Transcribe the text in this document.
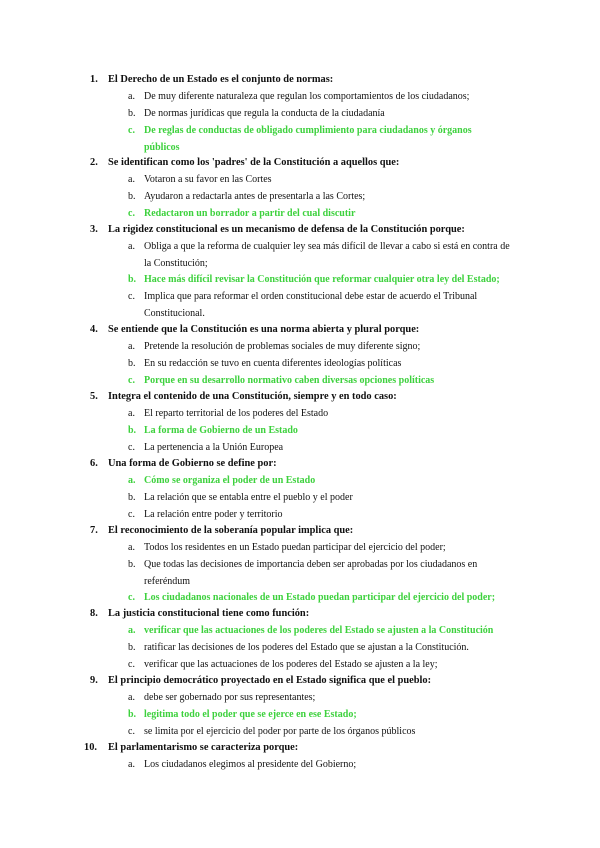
1. El Derecho de un Estado es el conjunto de normas:
a. De muy diferente naturaleza que regulan los comportamientos de los ciudadanos;
b. De normas jurídicas que regula la conducta de la ciudadanía
c. De reglas de conductas de obligado cumplimiento para ciudadanos y órganos públicos
2. Se identifican como los 'padres' de la Constitución a aquellos que:
a. Votaron a su favor en las Cortes
b. Ayudaron a redactarla antes de presentarla a las Cortes;
c. Redactaron un borrador a partir del cual discutir
3. La rigidez constitucional es un mecanismo de defensa de la Constitución porque:
a. Obliga a que la reforma de cualquier ley sea más difícil de llevar a cabo si está en contra de la Constitución;
b. Hace más difícil revisar la Constitución que reformar cualquier otra ley del Estado;
c. Implica que para reformar el orden constitucional debe estar de acuerdo el Tribunal Constitucional.
4. Se entiende que la Constitución es una norma abierta y plural porque:
a. Pretende la resolución de problemas sociales de muy diferente signo;
b. En su redacción se tuvo en cuenta diferentes ideologías políticas
c. Porque en su desarrollo normativo caben diversas opciones políticas
5. Integra el contenido de una Constitución, siempre y en todo caso:
a. El reparto territorial de los poderes del Estado
b. La forma de Gobierno de un Estado
c. La pertenencia a la Unión Europea
6. Una forma de Gobierno se define por:
a. Cómo se organiza el poder de un Estado
b. La relación que se entabla entre el pueblo y el poder
c. La relación entre poder y territorio
7. El reconocimiento de la soberanía popular implica que:
a. Todos los residentes en un Estado puedan participar del ejercicio del poder;
b. Que todas las decisiones de importancia deben ser aprobadas por los ciudadanos en referéndum
c. Los ciudadanos nacionales de un Estado puedan participar del ejercicio del poder;
8. La justicia constitucional tiene como función:
a. verificar que las actuaciones de los poderes del Estado se ajusten a la Constitución
b. ratificar las decisiones de los poderes del Estado que se ajustan a la Constitución.
c. verificar que las actuaciones de los poderes del Estado se ajusten a la ley;
9. El principio democrático proyectado en el Estado significa que el pueblo:
a. debe ser gobernado por sus representantes;
b. legitima todo el poder que se ejerce en ese Estado;
c. se limita por el ejercicio del poder por parte de los órganos públicos
10. El parlamentarismo se caracteriza porque:
a. Los ciudadanos elegimos al presidente del Gobierno;
